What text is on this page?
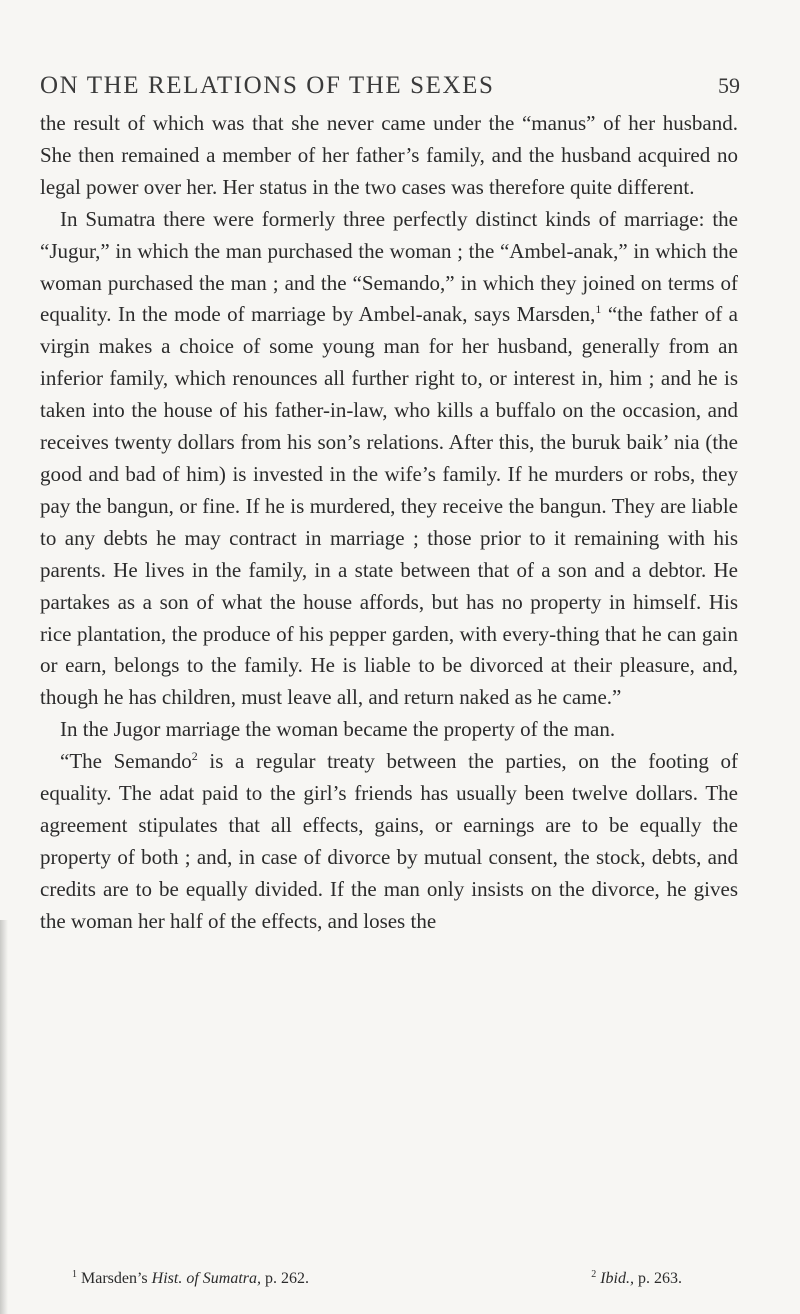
ON THE RELATIONS OF THE SEXES	59

the result of which was that she never came under the “manus” of her husband. She then remained a member of her father’s family, and the husband acquired no legal power over her. Her status in the two cases was therefore quite different.

In Sumatra there were formerly three perfectly distinct kinds of marriage: the “Jugur,” in which the man purchased the woman ; the “Ambel-anak,” in which the woman purchased the man ; and the “Semando,” in which they joined on terms of equality. In the mode of marriage by Ambel-anak, says Marsden,$^1$ “the father of a virgin makes a choice of some young man for her husband, generally from an inferior family, which renounces all further right to, or interest in, him ; and he is taken into the house of his father-in-law, who kills a buffalo on the occasion, and receives twenty dollars from his son’s relations. After this, the buruk baik’ nia (the good and bad of him) is invested in the wife’s family. If he murders or robs, they pay the bangun, or fine. If he is murdered, they receive the bangun. They are liable to any debts he may contract in marriage ; those prior to it remaining with his parents. He lives in the family, in a state between that of a son and a debtor. He partakes as a son of what the house affords, but has no property in himself. His rice plantation, the produce of his pepper garden, with every-thing that he can gain or earn, belongs to the family. He is liable to be divorced at their pleasure, and, though he has children, must leave all, and return naked as he came.”

In the Jugor marriage the woman became the property of the man.

“The Semando$^2$ is a regular treaty between the parties, on the footing of equality. The adat paid to the girl’s friends has usually been twelve dollars. The agreement stipulates that all effects, gains, or earnings are to be equally the property of both ; and, in case of divorce by mutual consent, the stock, debts, and credits are to be equally divided. If the man only insists on the divorce, he gives the woman her half of the effects, and loses the

$^1$ Marsden’s Hist. of Sumatra, p. 262.	$^2$ Ibid., p. 263.
